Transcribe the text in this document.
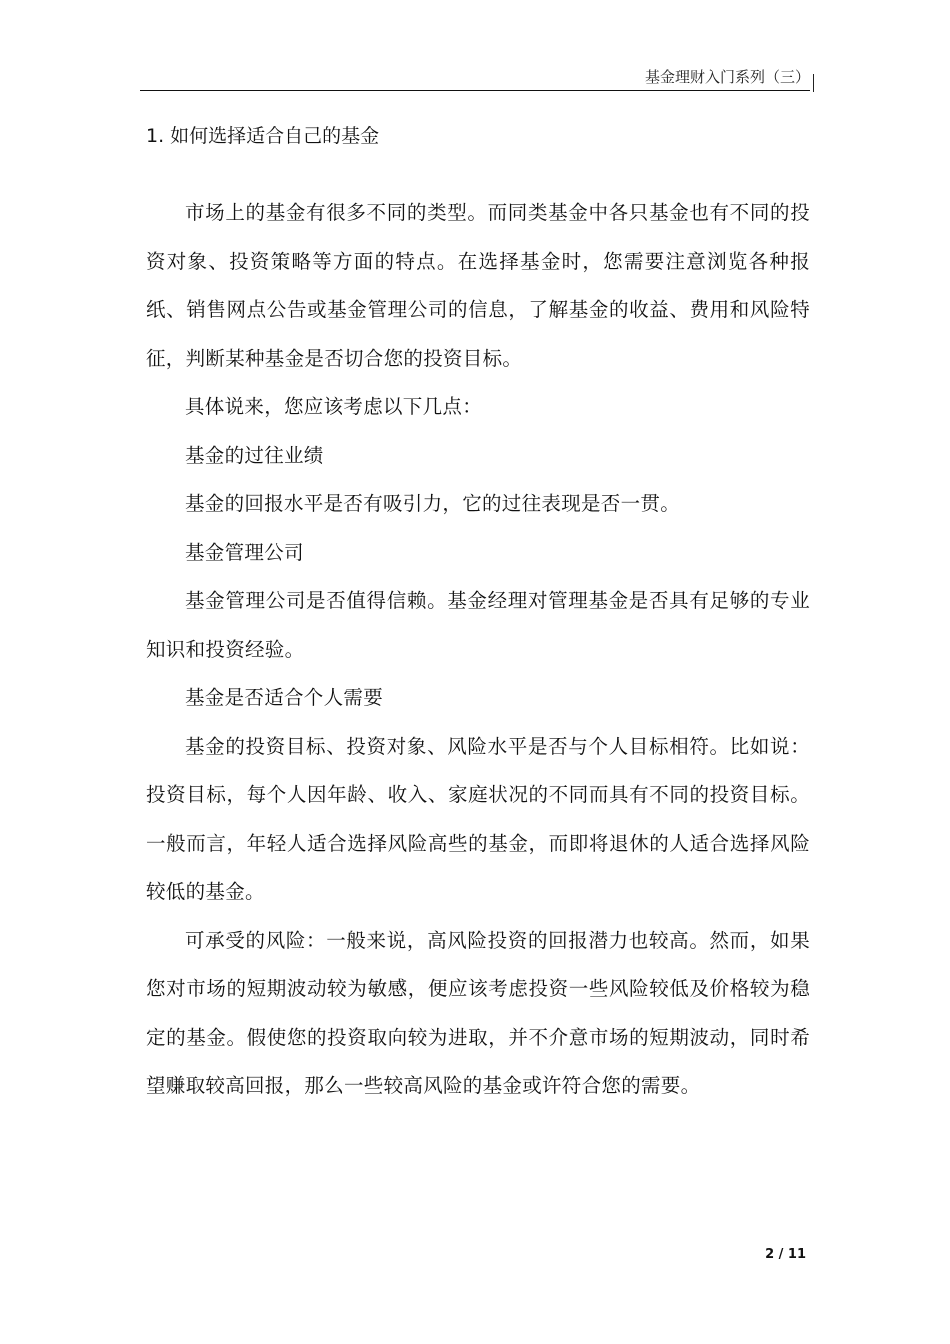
基金理财入门系列（三）
1. 如何选择适合自己的基金

市场上的基金有很多不同的类型。而同类基金中各只基金也有不同的投资对象、投资策略等方面的特点。在选择基金时，您需要注意浏览各种报纸、销售网点公告或基金管理公司的信息，了解基金的收益、费用和风险特征，判断某种基金是否切合您的投资目标。

具体说来，您应该考虑以下几点：

基金的过往业绩

基金的回报水平是否有吸引力，它的过往表现是否一贯。

基金管理公司

基金管理公司是否值得信赖。基金经理对管理基金是否具有足够的专业知识和投资经验。

基金是否适合个人需要

基金的投资目标、投资对象、风险水平是否与个人目标相符。比如说：投资目标，每个人因年龄、收入、家庭状况的不同而具有不同的投资目标。一般而言，年轻人适合选择风险高些的基金，而即将退休的人适合选择风险较低的基金。

可承受的风险：一般来说，高风险投资的回报潜力也较高。然而，如果您对市场的短期波动较为敏感，便应该考虑投资一些风险较低及价格较为稳定的基金。假使您的投资取向较为进取，并不介意市场的短期波动，同时希望赚取较高回报，那么一些较高风险的基金或许符合您的需要。

2 / 11
